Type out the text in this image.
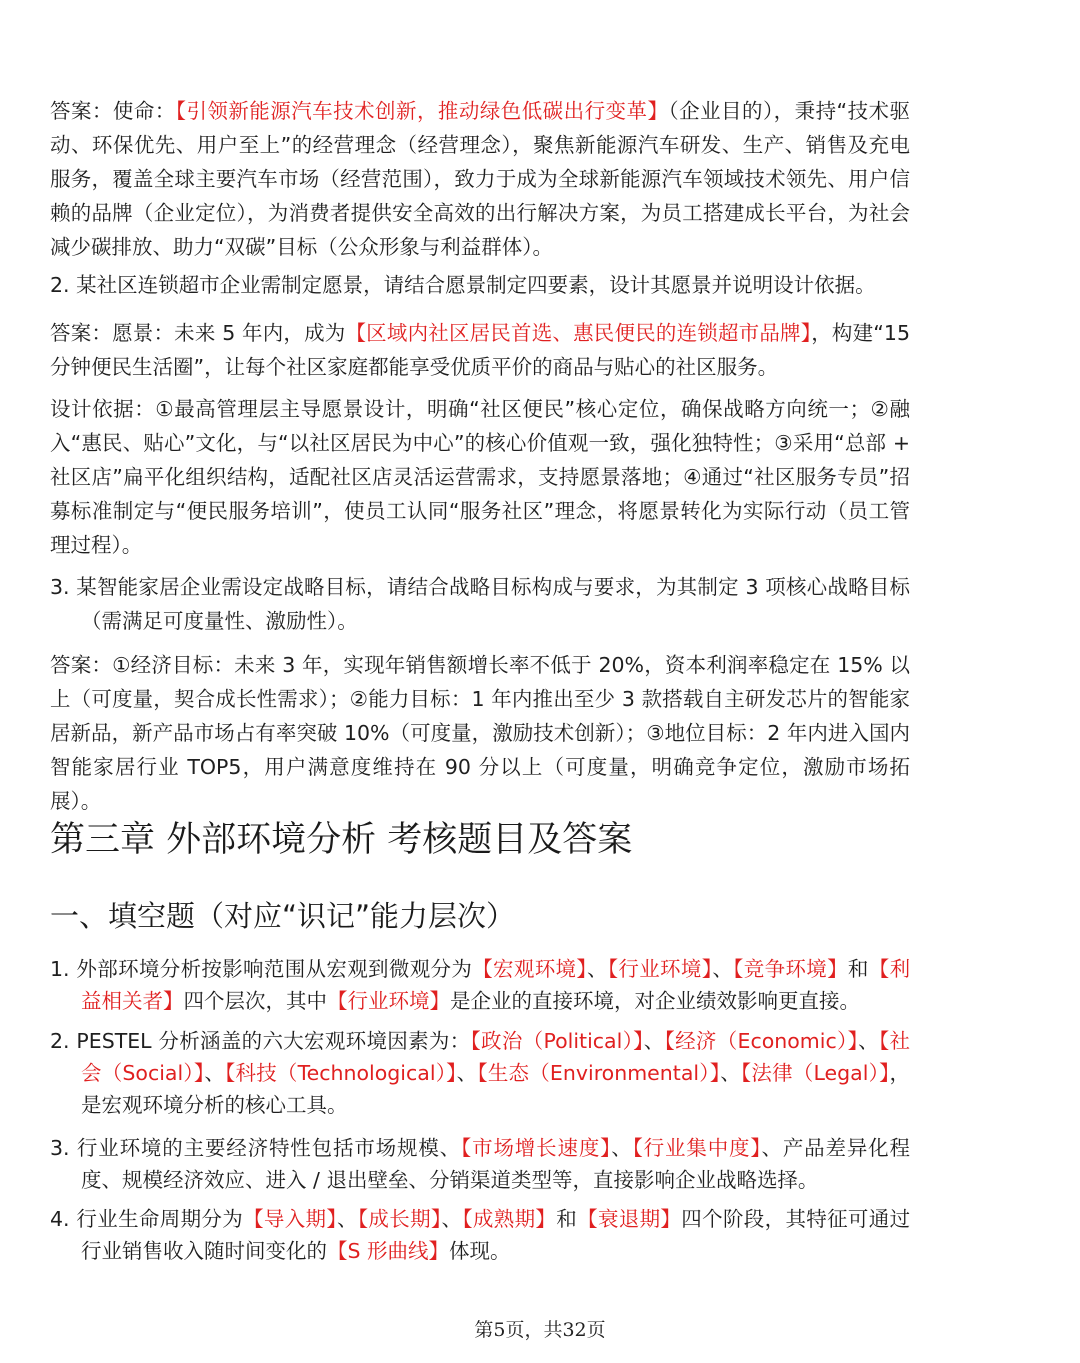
答案：使命：【引领新能源汽车技术创新，推动绿色低碳出行变革】（企业目的），秉持“技术驱动、环保优先、用户至上”的经营理念（经营理念），聚焦新能源汽车研发、生产、销售及充电服务，覆盖全球主要汽车市场（经营范围），致力于成为全球新能源汽车领域技术领先、用户信赖的品牌（企业定位），为消费者提供安全高效的出行解决方案，为员工搭建成长平台，为社会减少碳排放、助力“双碳”目标（公众形象与利益群体）。

2. 某社区连锁超市企业需制定愿景，请结合愿景制定四要素，设计其愿景并说明设计依据。

答案：愿景：未来 5 年内，成为【区域内社区居民首选、惠民便民的连锁超市品牌】，构建“15 分钟便民生活圈”，让每个社区家庭都能享受优质平价的商品与贴心的社区服务。

设计依据：①最高管理层主导愿景设计，明确“社区便民”核心定位，确保战略方向统一；②融入“惠民、贴心”文化，与“以社区居民为中心”的核心价值观一致，强化独特性；③采用“总部 + 社区店”扁平化组织结构，适配社区店灵活运营需求，支持愿景落地；④通过“社区服务专员”招募标准制定与“便民服务培训”，使员工认同“服务社区”理念，将愿景转化为实际行动（员工管理过程）。

3. 某智能家居企业需设定战略目标，请结合战略目标构成与要求，为其制定 3 项核心战略目标（需满足可度量性、激励性）。

答案：①经济目标：未来 3 年，实现年销售额增长率不低于 20%，资本利润率稳定在 15% 以上（可度量，契合成长性需求）；②能力目标：1 年内推出至少 3 款搭载自主研发芯片的智能家居新品，新产品市场占有率突破 10%（可度量，激励技术创新）；③地位目标：2 年内进入国内智能家居行业 TOP5，用户满意度维持在 90 分以上（可度量，明确竞争定位，激励市场拓展）。

第三章 外部环境分析 考核题目及答案
一、填空题（对应“识记”能力层次）

1. 外部环境分析按影响范围从宏观到微观分为【宏观环境】、【行业环境】、【竞争环境】和【利益相关者】四个层次，其中【行业环境】是企业的直接环境，对企业绩效影响更直接。

2. PESTEL 分析涵盖的六大宏观环境因素为：【政治（Political）】、【经济（Economic）】、【社会（Social）】、【科技（Technological）】、【生态（Environmental）】、【法律（Legal）】，是宏观环境分析的核心工具。

3. 行业环境的主要经济特性包括市场规模、【市场增长速度】、【行业集中度】、产品差异化程度、规模经济效应、进入 / 退出壁垒、分销渠道类型等，直接影响企业战略选择。

4. 行业生命周期分为【导入期】、【成长期】、【成熟期】和【衰退期】四个阶段，其特征可通过行业销售收入随时间变化的【S 形曲线】体现。

第5页，共32页
